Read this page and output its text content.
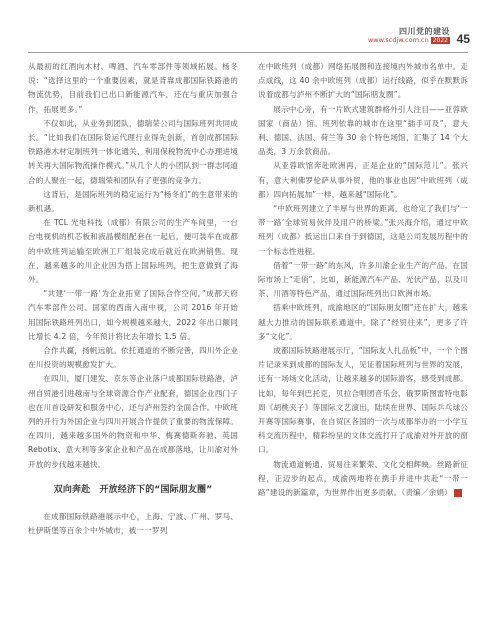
四川党的建设
www.scdjw.com.cn 2022 45

从最初的红酒向木材、啤酒、汽车零部件等领域拓展。杨冬说：“选择这里的一个重要因素，就是背靠成都国际铁路港的物流优势，目前我们已出口新能源汽车，还在与重庆加强合作，拓展更多。”

不仅如此，从业务到团队，德瑞荣公司与国际班列共同成长。“比如我们在国际货运代理行业得先创新，首创成都国际铁路港木材定制班列一体化通关、利用保税物流中心办理进境转关再大国际物流操作模式。”从几个人的小团队到一群志同道合的人聚在一起，德瑞荣和团队有了更强的竞争力。

这背后，是国际班列的稳定运行为“杨冬们”的生意带来的新机遇。

在 TCL 光电科技（成都）有限公司的生产车间里，一台台电视机的机芯板和液晶模组配套在一起后，便可装车在成都的中欧班列运输至欧洲工厂组装完成后就近在欧洲销售。现在，越来越多的川企业因为搭上国际班列，把生意做到了海外。

“共建‘一带一路’为企业拓宽了国际合作空间。”成都天府汽车零部件公司、国家的西南入南中视，公司 2016 年开始用国际铁路班列出口，如今规模越来越大，2022 年出口额同比增长 4.2 倍，今年预计将比去年增长 1.5 倍。

合作共赢，扬帆远航。依托通道的不断完善，四川外企业在川投资的规模愈发扩大。

在四川，厦门建发、京东等企业落户成都国际铁路港，泸州自贸港引进越南与全球资源合作产业配套，德国企业西门子也在川首设研发和服务中心，还与泸州签约全面合作。中欧班列的开行为外国企业与四川开展合作提供了重要的物流保障。在四川，越来越多国外的物资和中华、梅赛德斯奔驰、英国Rebotix、意大利等多家企业和产品在成都落地，让川渝对外开放的步伐越来越快。

双向奔赴　开放经济下的“国际朋友圈”

在成都国际铁路港展示中心，上海、宁波、广州、罗马、杜伊斯堡等百余个中外城市，被一一罗列

在中欧班列（成都）网络拓展图和连接境内外城市名单中。走点成线，这 40 余中欧班列（成都）运行线路，似乎在默默诉说着成都与泸州不断扩大的“国际朋友圈”。

展示中心旁，有一片欧式建筑群格外引人注目——亚蓉欧国家（商品）馆。班列依靠的城市在这里“插手可及”，意大利、德国、法国、荷兰等 30 余个特色场馆，汇集了 14 个大品类，3 万余款商品。

从亚蓉欧馆奔赴欧洲再，正是企业的“国际范儿”。张兴有，意大利佛罗伦萨从事外贸，他的事业也因“中欧班列（成都）四向拓展加”一样，越来越“国际化”。

“中欧班列建立了丰厚与世界的距离，也给定了我们与‘一带一路’全球贸易伙伴及用户的桥梁。”张兴海介绍，通过中欧班列（成都）抵运出口来自于到德国，这是公司发展历程中的一个标志性进程。

借着“一带一路”的东风，许多川渝企业生产的产品，在国际市场上“走俏”，比如，新能源汽车产品、光伏产品，以及川茶、川酒等特色产品，通过国际班列出口欧洲市场。

搭乘中欧班列，成渝地区的“国际朋友圈”还在扩大，越来越大力推动的国际联系通道中，除了“经贸往来”，更多了许多“文化”。

成都国际铁路港展示厅，“国际友人扎品板”中，一个个图片记录来到成都的国际友人，见证着国际班列与世界的发展，还有一场场文化活动，让越来越多的国际游客，感受到成都。比如，每年到巴托克，贝拉合唱团音乐会，俄罗斯图雷特电影周《胡桃夹子》等国际文艺演出，陆续在世界、国际乒乓球公开赛等国际赛事，在自贸区各国的一次与成都举办的一小学互科交流历程中，精彩纷呈的文体交流打开了成渝对外开放的窗口。

物流通道畅通、贸易往来繁荣、文化交相辉映。丝路新征程，正迈步的起点，成渝两地将在携手并进中共赴“一带一路”建设的新篇章，为世界作出更多贡献。（责编／余娟）
